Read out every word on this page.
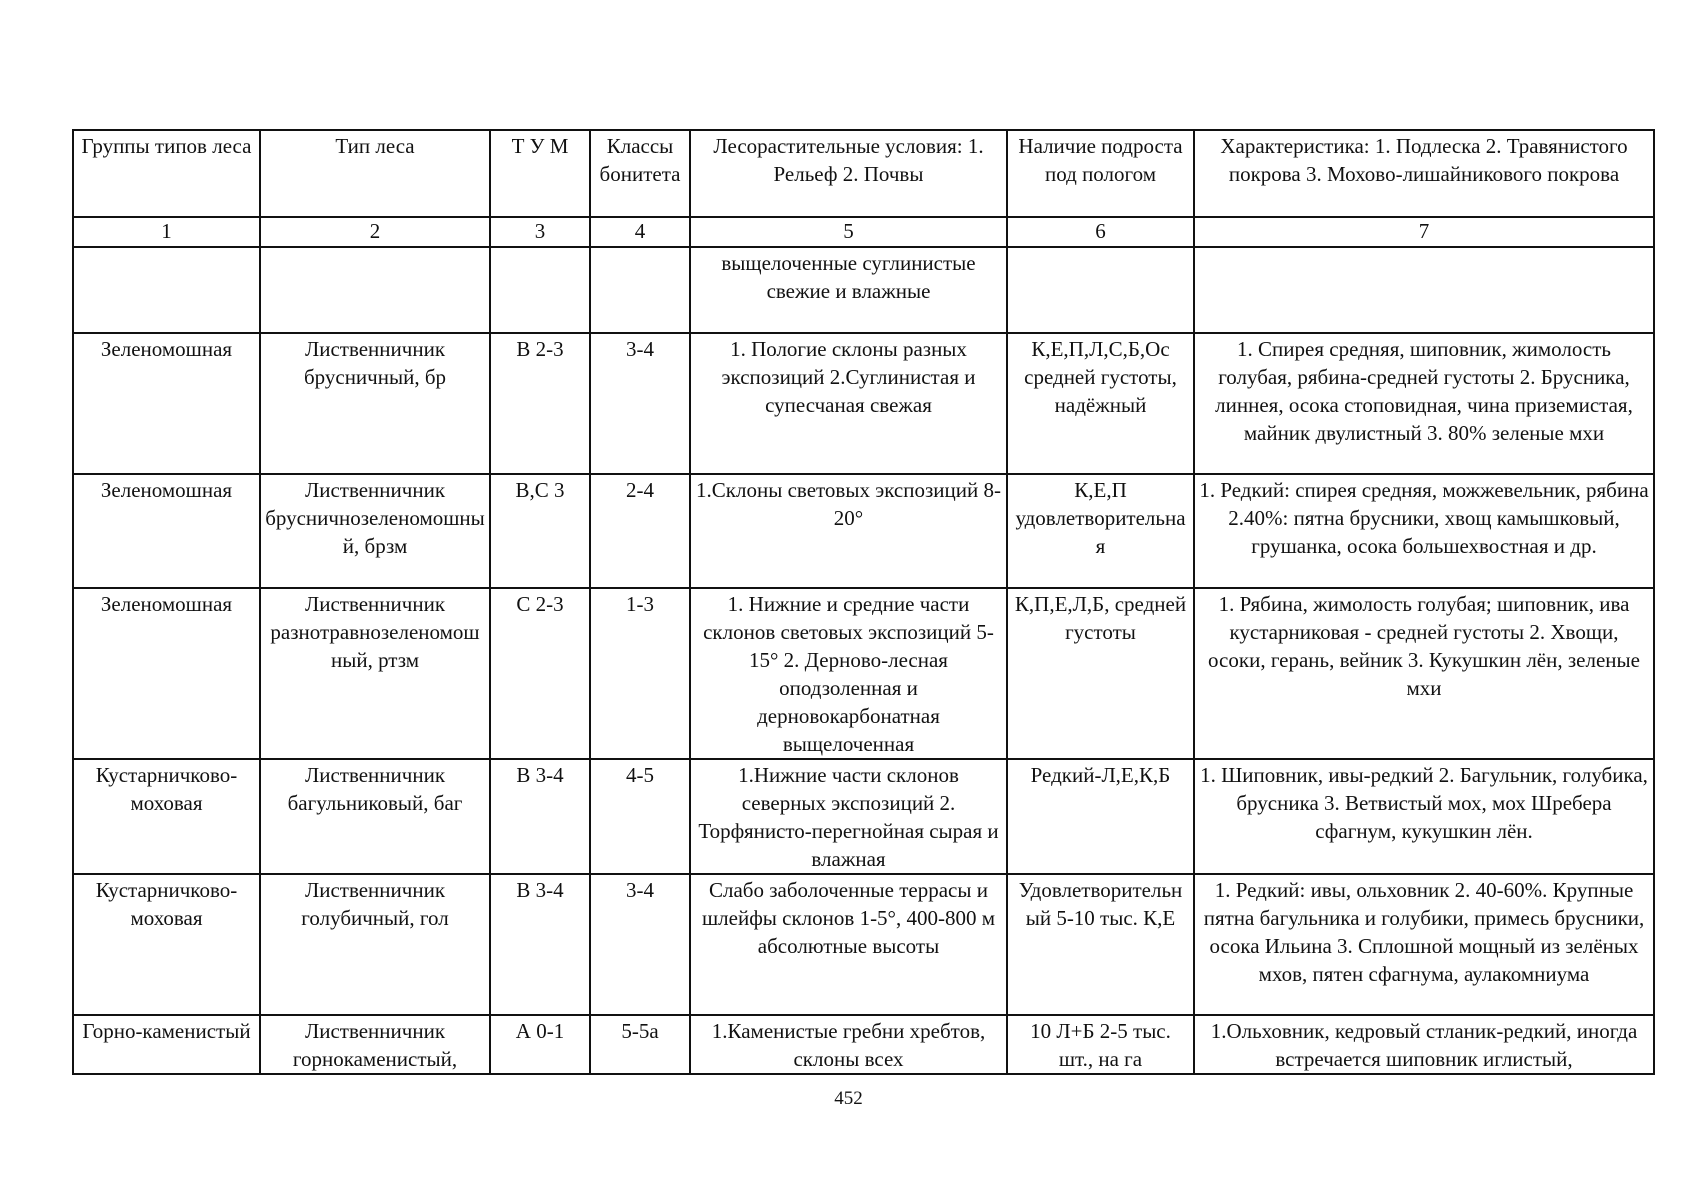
Группы типов леса	Тип леса	Т У М	Классы бонитета	Лесорастительные условия: 1. Рельеф 2. Почвы	Наличие подроста под пологом	Характеристика: 1. Подлеска 2. Травянистого покрова 3. Мохово-лишайникового покрова

1	2	3	4	5	6	7
				выщелоченные суглинистые свежие и влажные		
Зеленомошная	Лиственничник брусничный, бр	В 2-3	3-4	1. Пологие склоны разных экспозиций 2.Суглинистая и супесчаная свежая	К,Е,П,Л,С,Б,Ос средней густоты, надёжный	1. Спирея средняя, шиповник, жимолость голубая, рябина-средней густоты 2. Брусника, линнея, осока стоповидная, чина приземистая, майник двулистный 3. 80% зеленые мхи
Зеленомошная	Лиственничник брусничнозеленомошный, брзм	В,С 3	2-4	1.Склоны световых экспозиций 8-20°	К,Е,П удовлетворительная	1. Редкий: спирея средняя, можжевельник, рябина 2.40%: пятна брусники, хвощ камышковый, грушанка, осока большехвостная и др.
Зеленомошная	Лиственничник разнотравнозеленомошный, ртзм	С 2-3	1-3	1. Нижние и средние части склонов световых экспозиций 5-15° 2. Дерново-лесная оподзоленная и дерновокарбонатная выщелоченная	К,П,Е,Л,Б, средней густоты	1. Рябина, жимолость голубая; шиповник, ива кустарниковая - средней густоты 2. Хвощи, осоки, герань, вейник 3. Кукушкин лён, зеленые мхи
Кустарничково-моховая	Лиственничник багульниковый, баг	В 3-4	4-5	1.Нижние части склонов северных экспозиций 2. Торфянисто-перегнойная сырая и влажная	Редкий-Л,Е,К,Б	1. Шиповник, ивы-редкий 2. Багульник, голубика, брусника 3. Ветвистый мох, мох Шребера сфагнум, кукушкин лён.
Кустарничково-моховая	Лиственничник голубичный, гол	В 3-4	3-4	Слабо заболоченные террасы и шлейфы склонов 1-5°, 400-800 м абсолютные высоты	Удовлетворительный 5-10 тыс. К,Е	1. Редкий: ивы, ольховник 2. 40-60%. Крупные пятна багульника и голубики, примесь брусники, осока Ильина 3. Сплошной мощный из зелёных мхов, пятен сфагнума, аулакомниума
Горно-каменистый	Лиственничник горнокаменистый,	А 0-1	5-5а	1.Каменистые гребни хребтов, склоны всех	10 Л+Б 2-5 тыс. шт., на га	1.Ольховник, кедровый стланик-редкий, иногда встречается шиповник иглистый,
452
